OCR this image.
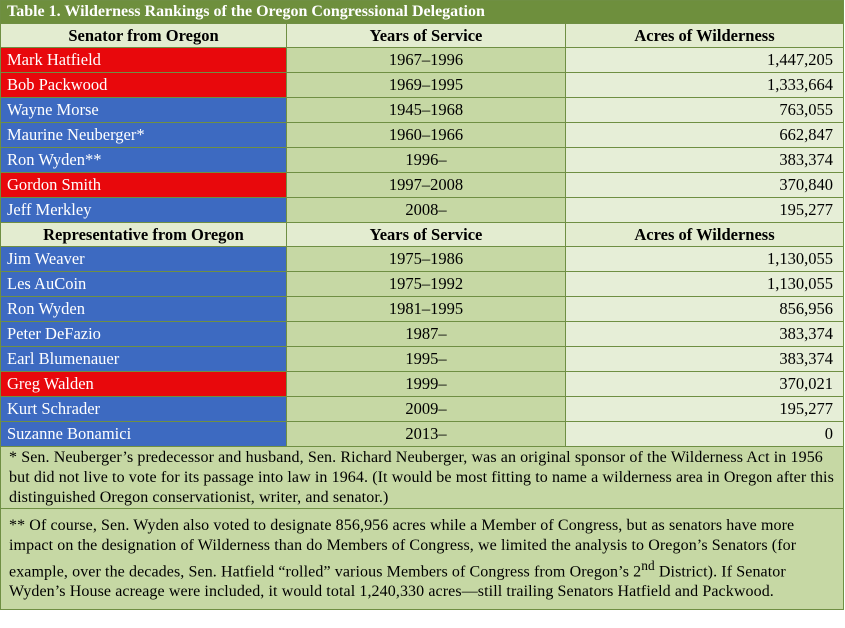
Table 1. Wilderness Rankings of the Oregon Congressional Delegation		
Senator from Oregon	Years of Service	Acres of Wilderness
Mark Hatfield	1967–1996	1,447,205
Bob Packwood	1969–1995	1,333,664
Wayne Morse	1945–1968	763,055
Maurine Neuberger*	1960–1966	662,847
Ron Wyden**	1996–	383,374
Gordon Smith	1997–2008	370,840
Jeff Merkley	2008–	195,277
Representative from Oregon	Years of Service	Acres of Wilderness
Jim Weaver	1975–1986	1,130,055
Les AuCoin	1975–1992	1,130,055
Ron Wyden	1981–1995	856,956
Peter DeFazio	1987–	383,374
Earl Blumenauer	1995–	383,374
Greg Walden	1999–	370,021
Kurt Schrader	2009–	195,277
Suzanne Bonamici	2013–	0
* Sen. Neuberger’s predecessor and husband, Sen. Richard Neuberger, was an original sponsor of the Wilderness Act in 1956 but did not live to vote for its passage into law in 1964. (It would be most fitting to name a wilderness area in Oregon after this distinguished Oregon conservationist, writer, and senator.)		
** Of course, Sen. Wyden also voted to designate 856,956 acres while a Member of Congress, but as senators have more impact on the designation of Wilderness than do Members of Congress, we limited the analysis to Oregon’s Senators (for example, over the decades, Sen. Hatfield “rolled” various Members of Congress from Oregon’s 2nd District). If Senator Wyden’s House acreage were included, it would total 1,240,330 acres—still trailing Senators Hatfield and Packwood.		
